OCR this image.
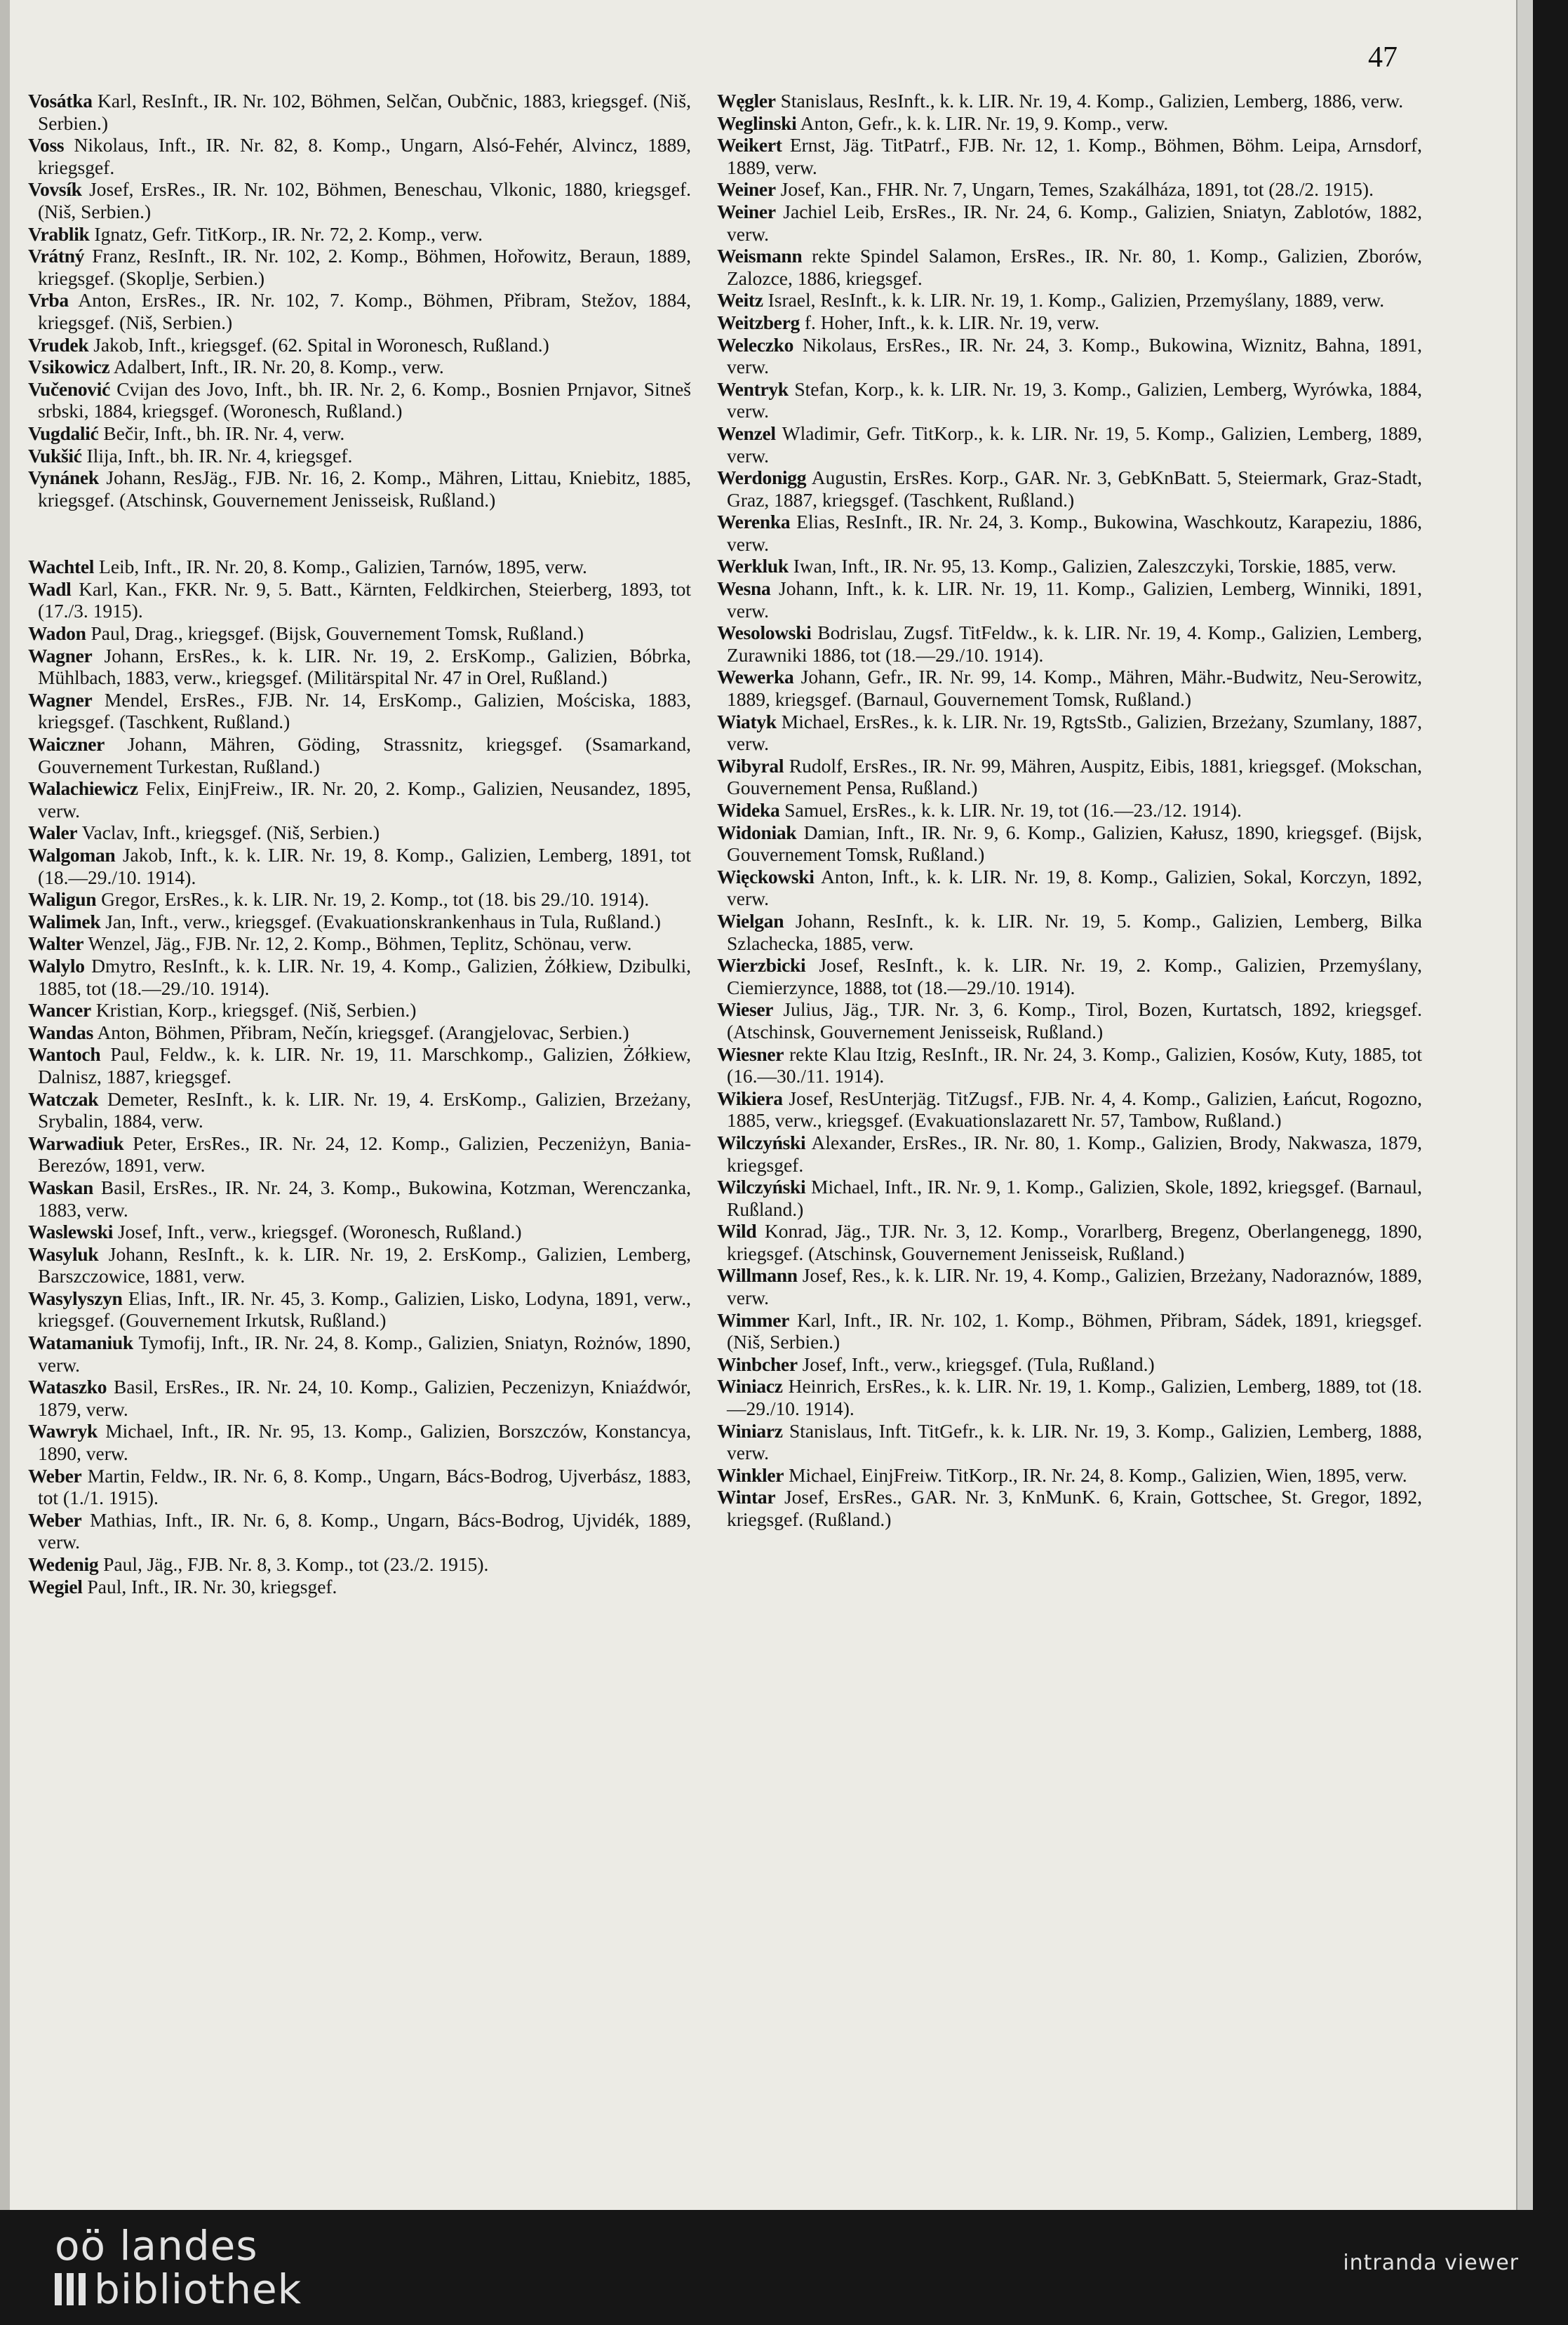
47

Vosátka Karl, ResInft., IR. Nr. 102, Böhmen, Selčan, Oubčnic, 1883, kriegsgef. (Niš, Serbien.)

Voss Nikolaus, Inft., IR. Nr. 82, 8. Komp., Ungarn, Alsó-Fehér, Alvincz, 1889, kriegsgef.

Vovsík Josef, ErsRes., IR. Nr. 102, Böhmen, Beneschau, Vlkonic, 1880, kriegsgef. (Niš, Serbien.)

Vrablik Ignatz, Gefr. TitKorp., IR. Nr. 72, 2. Komp., verw.

Vrátný Franz, ResInft., IR. Nr. 102, 2. Komp., Böhmen, Hořowitz, Beraun, 1889, kriegsgef. (Skoplje, Serbien.)

Vrba Anton, ErsRes., IR. Nr. 102, 7. Komp., Böhmen, Přibram, Stežov, 1884, kriegsgef. (Niš, Serbien.)

Vrudek Jakob, Inft., kriegsgef. (62. Spital in Woronesch, Rußland.)

Vsikowicz Adalbert, Inft., IR. Nr. 20, 8. Komp., verw.

Vučenović Cvijan des Jovo, Inft., bh. IR. Nr. 2, 6. Komp., Bosnien Prnjavor, Sitneš srbski, 1884, kriegsgef. (Woronesch, Rußland.)

Vugdalić Bečir, Inft., bh. IR. Nr. 4, verw.

Vukšić Ilija, Inft., bh. IR. Nr. 4, kriegsgef.

Vynánek Johann, ResJäg., FJB. Nr. 16, 2. Komp., Mähren, Littau, Kniebitz, 1885, kriegsgef. (Atschinsk, Gouvernement Jenisseisk, Rußland.)

Wachtel Leib, Inft., IR. Nr. 20, 8. Komp., Galizien, Tarnów, 1895, verw.

Wadl Karl, Kan., FKR. Nr. 9, 5. Batt., Kärnten, Feldkirchen, Steierberg, 1893, tot (17./3. 1915).

Wadon Paul, Drag., kriegsgef. (Bijsk, Gouvernement Tomsk, Rußland.)

Wagner Johann, ErsRes., k. k. LIR. Nr. 19, 2. ErsKomp., Galizien, Bóbrka, Mühlbach, 1883, verw., kriegsgef. (Militärspital Nr. 47 in Orel, Rußland.)

Wagner Mendel, ErsRes., FJB. Nr. 14, ErsKomp., Galizien, Mościska, 1883, kriegsgef. (Taschkent, Rußland.)

Waiczner Johann, Mähren, Göding, Strassnitz, kriegsgef. (Ssamarkand, Gouvernement Turkestan, Rußland.)

Walachiewicz Felix, EinjFreiw., IR. Nr. 20, 2. Komp., Galizien, Neusandez, 1895, verw.

Waler Vaclav, Inft., kriegsgef. (Niš, Serbien.)

Walgoman Jakob, Inft., k. k. LIR. Nr. 19, 8. Komp., Galizien, Lemberg, 1891, tot (18.—29./10. 1914).

Waligun Gregor, ErsRes., k. k. LIR. Nr. 19, 2. Komp., tot (18. bis 29./10. 1914).

Walimek Jan, Inft., verw., kriegsgef. (Evakuationskrankenhaus in Tula, Rußland.)

Walter Wenzel, Jäg., FJB. Nr. 12, 2. Komp., Böhmen, Teplitz, Schönau, verw.

Walylo Dmytro, ResInft., k. k. LIR. Nr. 19, 4. Komp., Galizien, Żółkiew, Dzibulki, 1885, tot (18.—29./10. 1914).

Wancer Kristian, Korp., kriegsgef. (Niš, Serbien.)

Wandas Anton, Böhmen, Přibram, Nečín, kriegsgef. (Arangjelovac, Serbien.)

Wantoch Paul, Feldw., k. k. LIR. Nr. 19, 11. Marschkomp., Galizien, Żółkiew, Dalnisz, 1887, kriegsgef.

Watczak Demeter, ResInft., k. k. LIR. Nr. 19, 4. ErsKomp., Galizien, Brzeżany, Srybalin, 1884, verw.

Warwadiuk Peter, ErsRes., IR. Nr. 24, 12. Komp., Galizien, Peczeniżyn, Bania-Berezów, 1891, verw.

Waskan Basil, ErsRes., IR. Nr. 24, 3. Komp., Bukowina, Kotzman, Werenczanka, 1883, verw.

Waslewski Josef, Inft., verw., kriegsgef. (Woronesch, Rußland.)

Wasyluk Johann, ResInft., k. k. LIR. Nr. 19, 2. ErsKomp., Galizien, Lemberg, Barszczowice, 1881, verw.

Wasylyszyn Elias, Inft., IR. Nr. 45, 3. Komp., Galizien, Lisko, Lodyna, 1891, verw., kriegsgef. (Gouvernement Irkutsk, Rußland.)

Watamaniuk Tymofij, Inft., IR. Nr. 24, 8. Komp., Galizien, Sniatyn, Rożnów, 1890, verw.

Wataszko Basil, ErsRes., IR. Nr. 24, 10. Komp., Galizien, Peczenizyn, Kniaźdwór, 1879, verw.

Wawryk Michael, Inft., IR. Nr. 95, 13. Komp., Galizien, Borszczów, Konstancya, 1890, verw.

Weber Martin, Feldw., IR. Nr. 6, 8. Komp., Ungarn, Bács-Bodrog, Ujverbász, 1883, tot (1./1. 1915).

Weber Mathias, Inft., IR. Nr. 6, 8. Komp., Ungarn, Bács-Bodrog, Ujvidék, 1889, verw.

Wedenig Paul, Jäg., FJB. Nr. 8, 3. Komp., tot (23./2. 1915).

Wegiel Paul, Inft., IR. Nr. 30, kriegsgef.

Węgler Stanislaus, ResInft., k. k. LIR. Nr. 19, 4. Komp., Galizien, Lemberg, 1886, verw.

Weglinski Anton, Gefr., k. k. LIR. Nr. 19, 9. Komp., verw.

Weikert Ernst, Jäg. TitPatrf., FJB. Nr. 12, 1. Komp., Böhmen, Böhm. Leipa, Arnsdorf, 1889, verw.

Weiner Josef, Kan., FHR. Nr. 7, Ungarn, Temes, Szakálháza, 1891, tot (28./2. 1915).

Weiner Jachiel Leib, ErsRes., IR. Nr. 24, 6. Komp., Galizien, Sniatyn, Zablotów, 1882, verw.

Weismann rekte Spindel Salamon, ErsRes., IR. Nr. 80, 1. Komp., Galizien, Zborów, Zalozce, 1886, kriegsgef.

Weitz Israel, ResInft., k. k. LIR. Nr. 19, 1. Komp., Galizien, Przemyślany, 1889, verw.

Weitzberg f. Hoher, Inft., k. k. LIR. Nr. 19, verw.

Weleczko Nikolaus, ErsRes., IR. Nr. 24, 3. Komp., Bukowina, Wiznitz, Bahna, 1891, verw.

Wentryk Stefan, Korp., k. k. LIR. Nr. 19, 3. Komp., Galizien, Lemberg, Wyrówka, 1884, verw.

Wenzel Wladimir, Gefr. TitKorp., k. k. LIR. Nr. 19, 5. Komp., Galizien, Lemberg, 1889, verw.

Werdonigg Augustin, ErsRes. Korp., GAR. Nr. 3, GebKnBatt. 5, Steiermark, Graz-Stadt, Graz, 1887, kriegsgef. (Taschkent, Rußland.)

Werenka Elias, ResInft., IR. Nr. 24, 3. Komp., Bukowina, Waschkoutz, Karapeziu, 1886, verw.

Werkluk Iwan, Inft., IR. Nr. 95, 13. Komp., Galizien, Zaleszczyki, Torskie, 1885, verw.

Wesna Johann, Inft., k. k. LIR. Nr. 19, 11. Komp., Galizien, Lemberg, Winniki, 1891, verw.

Wesolowski Bodrislau, Zugsf. TitFeldw., k. k. LIR. Nr. 19, 4. Komp., Galizien, Lemberg, Zurawniki 1886, tot (18.—29./10. 1914).

Wewerka Johann, Gefr., IR. Nr. 99, 14. Komp., Mähren, Mähr.-Budwitz, Neu-Serowitz, 1889, kriegsgef. (Barnaul, Gouvernement Tomsk, Rußland.)

Wiatyk Michael, ErsRes., k. k. LIR. Nr. 19, RgtsStb., Galizien, Brzeżany, Szumlany, 1887, verw.

Wibyral Rudolf, ErsRes., IR. Nr. 99, Mähren, Auspitz, Eibis, 1881, kriegsgef. (Mokschan, Gouvernement Pensa, Rußland.)

Wideka Samuel, ErsRes., k. k. LIR. Nr. 19, tot (16.—23./12. 1914).

Widoniak Damian, Inft., IR. Nr. 9, 6. Komp., Galizien, Kałusz, 1890, kriegsgef. (Bijsk, Gouvernement Tomsk, Rußland.)

Więckowski Anton, Inft., k. k. LIR. Nr. 19, 8. Komp., Galizien, Sokal, Korczyn, 1892, verw.

Wielgan Johann, ResInft., k. k. LIR. Nr. 19, 5. Komp., Galizien, Lemberg, Bilka Szlachecka, 1885, verw.

Wierzbicki Josef, ResInft., k. k. LIR. Nr. 19, 2. Komp., Galizien, Przemyślany, Ciemierzynce, 1888, tot (18.—29./10. 1914).

Wieser Julius, Jäg., TJR. Nr. 3, 6. Komp., Tirol, Bozen, Kurtatsch, 1892, kriegsgef. (Atschinsk, Gouvernement Jenisseisk, Rußland.)

Wiesner rekte Klau Itzig, ResInft., IR. Nr. 24, 3. Komp., Galizien, Kosów, Kuty, 1885, tot (16.—30./11. 1914).

Wikiera Josef, ResUnterjäg. TitZugsf., FJB. Nr. 4, 4. Komp., Galizien, Łańcut, Rogozno, 1885, verw., kriegsgef. (Evakuationslazarett Nr. 57, Tambow, Rußland.)

Wilczyński Alexander, ErsRes., IR. Nr. 80, 1. Komp., Galizien, Brody, Nakwasza, 1879, kriegsgef.

Wilczyński Michael, Inft., IR. Nr. 9, 1. Komp., Galizien, Skole, 1892, kriegsgef. (Barnaul, Rußland.)

Wild Konrad, Jäg., TJR. Nr. 3, 12. Komp., Vorarlberg, Bregenz, Oberlangenegg, 1890, kriegsgef. (Atschinsk, Gouvernement Jenisseisk, Rußland.)

Willmann Josef, Res., k. k. LIR. Nr. 19, 4. Komp., Galizien, Brzeżany, Nadoraznów, 1889, verw.

Wimmer Karl, Inft., IR. Nr. 102, 1. Komp., Böhmen, Přibram, Sádek, 1891, kriegsgef. (Niš, Serbien.)

Winbcher Josef, Inft., verw., kriegsgef. (Tula, Rußland.)

Winiacz Heinrich, ErsRes., k. k. LIR. Nr. 19, 1. Komp., Galizien, Lemberg, 1889, tot (18.—29./10. 1914).

Winiarz Stanislaus, Inft. TitGefr., k. k. LIR. Nr. 19, 3. Komp., Galizien, Lemberg, 1888, verw.

Winkler Michael, EinjFreiw. TitKorp., IR. Nr. 24, 8. Komp., Galizien, Wien, 1895, verw.

Wintar Josef, ErsRes., GAR. Nr. 3, KnMunK. 6, Krain, Gottschee, St. Gregor, 1892, kriegsgef. (Rußland.)

oö landes
bibliothek
intranda viewer
